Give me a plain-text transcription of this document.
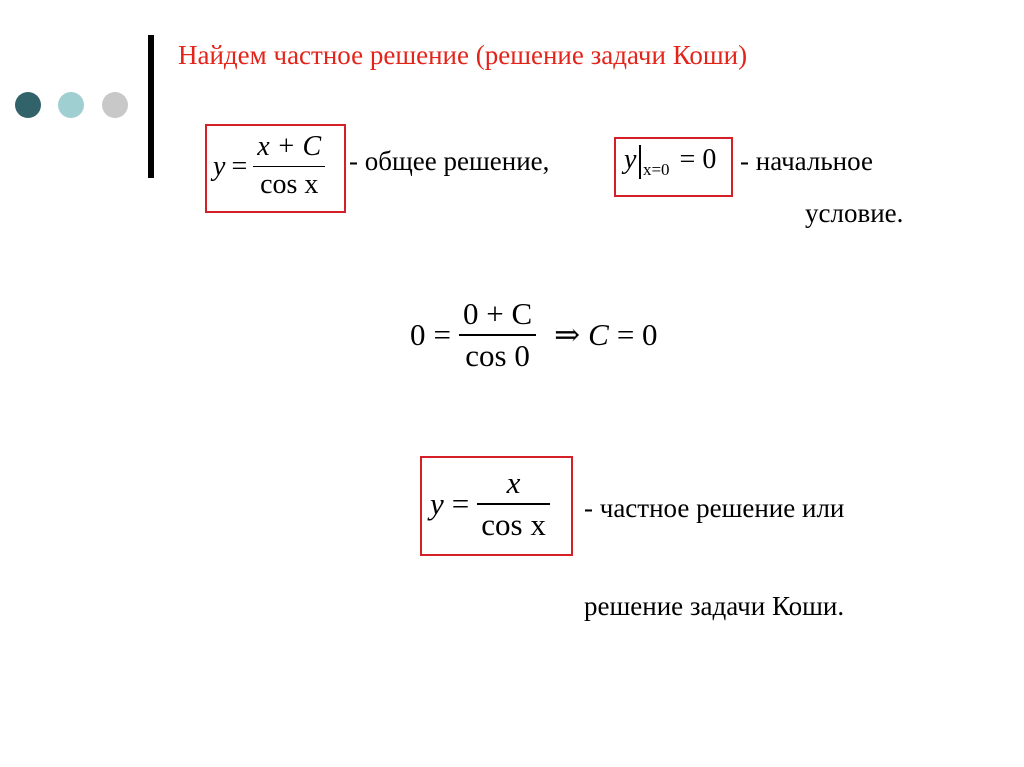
Найдем частное решение (решение задачи Коши)
$y = \frac{x + C}{\text{cos x}}$ - общее решение,	y x=0 = 0 - начальное
условие.
$0 = \frac{0 + C}{\cos 0}$ ⇒ C = 0
$y = \frac{x}{\text{cos x}}$ - частное решение или
решение задачи Коши.
